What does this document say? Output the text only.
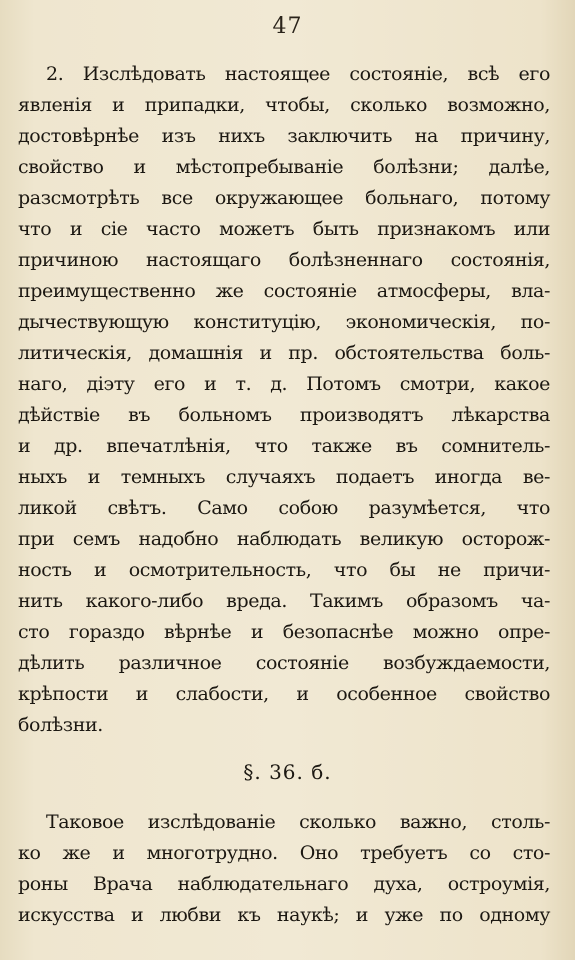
47
2. Изслѣдовать настоящее состояніе, всѣ его
явленія и припадки, чтобы, сколько возможно,
достовѣрнѣе изъ нихъ заключить на причину,
свойство и мѣстопребываніе болѣзни; далѣе,
разсмотрѣть все окружающее больнаго, потому
что и сіе часто можетъ быть признакомъ или
причиною настоящаго болѣзненнаго состоянія,
преимущественно же состояніе атмосферы, вла-
дычествующую конституцію, экономическія, по-
литическія, домашнія и пр. обстоятельства боль-
наго, діэту его и т. д. Потомъ смотри, какое
дѣйствіе въ больномъ производятъ лѣкарства
и др. впечатлѣнія, что также въ сомнитель-
ныхъ и темныхъ случаяхъ подаетъ иногда ве-
ликой свѣтъ. Само собою разумѣется, что
при семъ надобно наблюдать великую осторож-
ность и осмотрительность, что бы не причи-
нить какого-либо вреда. Такимъ образомъ ча-
сто гораздо вѣрнѣе и безопаснѣе можно опре-
дѣлить различное состояніе возбуждаемости,
крѣпости и слабости, и особенное свойство
болѣзни.
§. 36. б.
Таковое изслѣдованіе сколько важно, столь-
ко же и многотрудно. Оно требуетъ со сто-
роны Врача наблюдательнаго духа, остроумія,
искусства и любви къ наукѣ; и уже по одному
